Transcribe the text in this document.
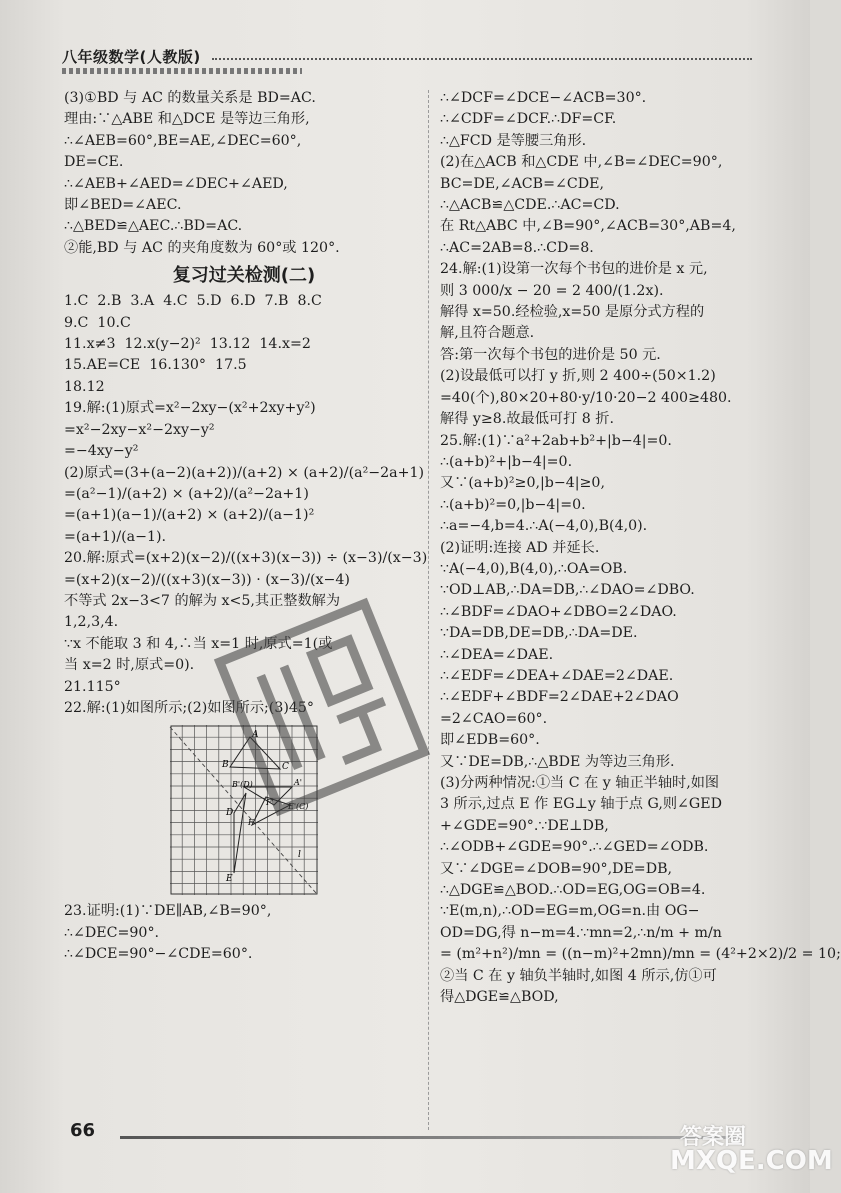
八年级数学(人教版)
(3)①BD 与 AC 的数量关系是 BD=AC.
理由:∵△ABE 和△DCE 是等边三角形,
∴∠AEB=60°,BE=AE,∠DEC=60°,
DE=CE.
∴∠AEB+∠AED=∠DEC+∠AED,
即∠BED=∠AEC.
∴△BED≌△AEC.∴BD=AC.
②能,BD 与 AC 的夹角度数为 60°或 120°.
复习过关检测(二)
1.C  2.B  3.A  4.C  5.D  6.D  7.B  8.C
9.C  10.C
11.x≠3  12.x(y−2)²  13.12  14.x=2
15.AE=CE  16.130°  17.5
18.12
19.解:(1)原式=x²−2xy−(x²+2xy+y²)
=x²−2xy−x²−2xy−y²
=−4xy−y²
(2)原式=(3+(a−2)(a+2))/(a+2) × (a+2)/(a²−2a+1)
=(a²−1)/(a+2) × (a+2)/(a²−2a+1)
=(a+1)(a−1)/(a+2) × (a+2)/(a−1)²
=(a+1)/(a−1).
20.解:原式=(x+2)(x−2)/((x+3)(x−3)) ÷ (x−3)/(x−3)
=(x+2)(x−2)/((x+3)(x−3)) · (x−3)/(x−4)
不等式 2x−3<7 的解为 x<5,其正整数解为
1,2,3,4.
∵x 不能取 3 和 4,∴当 x=1 时,原式=1(或
当 x=2 时,原式=0).
21.115°
22.解:(1)如图所示;(2)如图所示;(3)45°
A
B	C
B'(D)	A'
E'(C)
F'
D
F
E
l
23.证明:(1)∵DE∥AB,∠B=90°,
∴∠DEC=90°.
∴∠DCE=90°−∠CDE=60°.
∴∠DCF=∠DCE−∠ACB=30°.
∴∠CDF=∠DCF.∴DF=CF.
∴△FCD 是等腰三角形.
(2)在△ACB 和△CDE 中,∠B=∠DEC=90°,
BC=DE,∠ACB=∠CDE,
∴△ACB≌△CDE.∴AC=CD.
在 Rt△ABC 中,∠B=90°,∠ACB=30°,AB=4,
∴AC=2AB=8.∴CD=8.
24.解:(1)设第一次每个书包的进价是 x 元,
则 3 000/x − 20 = 2 400/(1.2x).
解得 x=50.经检验,x=50 是原分式方程的
解,且符合题意.
答:第一次每个书包的进价是 50 元.
(2)设最低可以打 y 折,则 2 400÷(50×1.2)
=40(个),80×20+80·y/10·20−2 400≥480.
解得 y≥8.故最低可打 8 折.
25.解:(1)∵a²+2ab+b²+|b−4|=0.
∴(a+b)²+|b−4|=0.
又∵(a+b)²≥0,|b−4|≥0,
∴(a+b)²=0,|b−4|=0.
∴a=−4,b=4.∴A(−4,0),B(4,0).
(2)证明:连接 AD 并延长.
∵A(−4,0),B(4,0),∴OA=OB.
∵OD⊥AB,∴DA=DB,∴∠DAO=∠DBO.
∴∠BDF=∠DAO+∠DBO=2∠DAO.
∵DA=DB,DE=DB,∴DA=DE.
∴∠DEA=∠DAE.
∴∠EDF=∠DEA+∠DAE=2∠DAE.
∴∠EDF+∠BDF=2∠DAE+2∠DAO
=2∠CAO=60°.
即∠EDB=60°.
又∵DE=DB,∴△BDE 为等边三角形.
(3)分两种情况:①当 C 在 y 轴正半轴时,如图
3 所示,过点 E 作 EG⊥y 轴于点 G,则∠GED
+∠GDE=90°.∵DE⊥DB,
∴∠ODB+∠GDE=90°.∴∠GED=∠ODB.
又∵∠DGE=∠DOB=90°,DE=DB,
∴△DGE≌△BOD.∴OD=EG,OG=OB=4.
∵E(m,n),∴OD=EG=m,OG=n.由 OG−
OD=DG,得 n−m=4.∵mn=2,∴n/m + m/n
= (m²+n²)/mn = ((n−m)²+2mn)/mn = (4²+2×2)/2 = 10;
②当 C 在 y 轴负半轴时,如图 4 所示,仿①可
得△DGE≌△BOD,
66	答案圈
MXQE.COM
